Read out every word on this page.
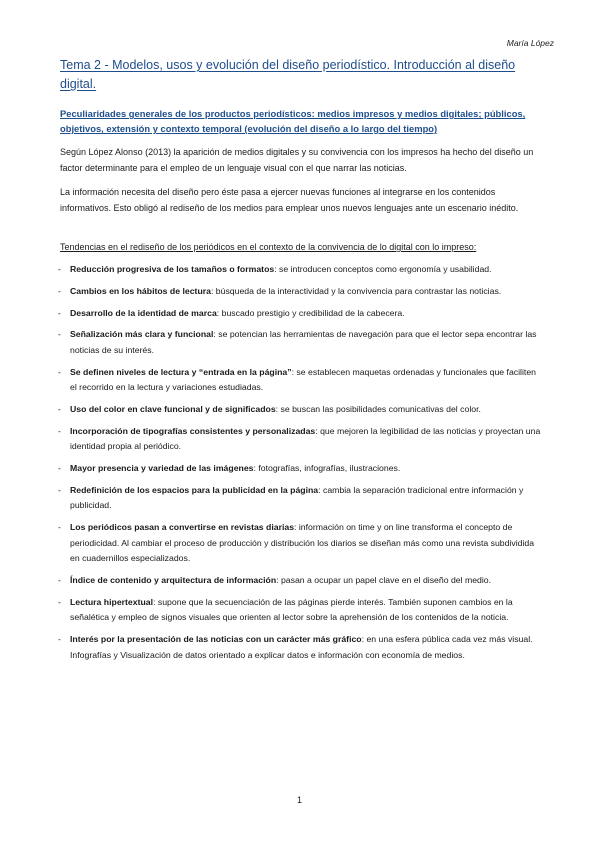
María López
Tema 2 - Modelos, usos y evolución del diseño periodístico. Introducción al diseño digital.
Peculiaridades generales de los productos periodísticos: medios impresos y medios digitales; públicos, objetivos, extensión y contexto temporal (evolución del diseño a lo largo del tiempo)
Según López Alonso (2013) la aparición de medios digitales y su convivencia con los impresos ha hecho del diseño un factor determinante para el empleo de un lenguaje visual con el que narrar las noticias.
La información necesita del diseño pero éste pasa a ejercer nuevas funciones al integrarse en los contenidos informativos. Esto obligó al rediseño de los medios para emplear unos nuevos lenguajes ante un escenario inédito.
Tendencias en el rediseño de los periódicos en el contexto de la convivencia de lo digital con lo impreso:
- Reducción progresiva de los tamaños o formatos: se introducen conceptos como ergonomía y usabilidad.
- Cambios en los hábitos de lectura: búsqueda de la interactividad y la convivencia para contrastar las noticias.
- Desarrollo de la identidad de marca: buscado prestigio y credibilidad de la cabecera.
- Señalización más clara y funcional: se potencian las herramientas de navegación para que el lector sepa encontrar las noticias de su interés.
- Se definen niveles de lectura y “entrada en la página”: se establecen maquetas ordenadas y funcionales que faciliten el recorrido en la lectura y variaciones estudiadas.
- Uso del color en clave funcional y de significados: se buscan las posibilidades comunicativas del color.
- Incorporación de tipografías consistentes y personalizadas: que mejoren la legibilidad de las noticias y proyectan una identidad propia al periódico.
- Mayor presencia y variedad de las imágenes: fotografías, infografías, ilustraciones.
- Redefinición de los espacios para la publicidad en la página: cambia la separación tradicional entre información y publicidad.
- Los periódicos pasan a convertirse en revistas diarias: información on time y on line transforma el concepto de periodicidad. Al cambiar el proceso de producción y distribución los diarios se diseñan más como una revista subdividida en cuadernillos especializados.
- Índice de contenido y arquitectura de información: pasan a ocupar un papel clave en el diseño del medio.
- Lectura hipertextual: supone que la secuenciación de las páginas pierde interés. También suponen cambios en la señalética y empleo de signos visuales que orienten al lector sobre la aprehensión de los contenidos de la noticia.
- Interés por la presentación de las noticias con un carácter más gráfico: en una esfera pública cada vez más visual. Infografías y Visualización de datos orientado a explicar datos e información con economía de medios.
1
